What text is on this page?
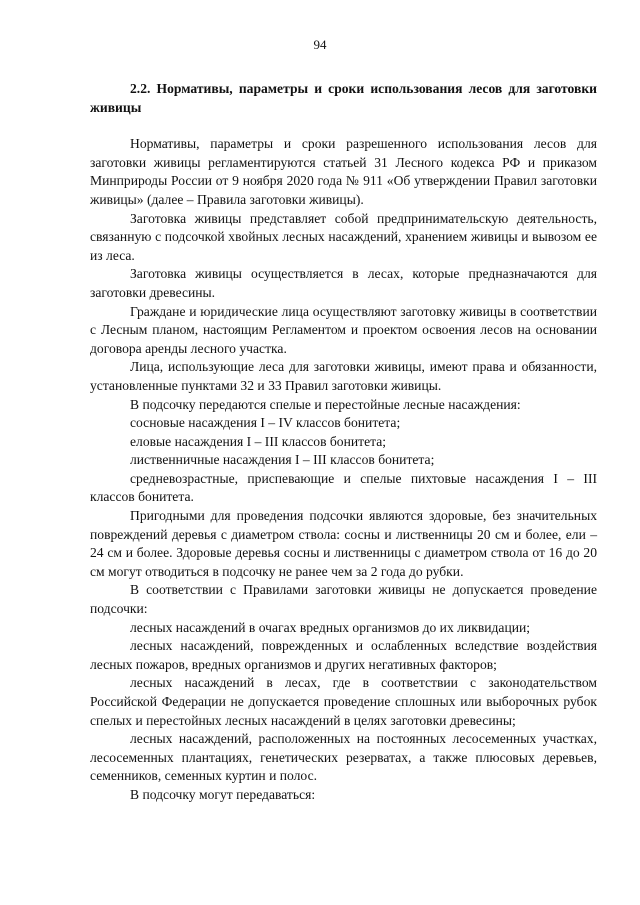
94

2.2. Нормативы, параметры и сроки использования лесов для заготовки живицы

Нормативы, параметры и сроки разрешенного использования лесов для заготовки живицы регламентируются статьей 31 Лесного кодекса РФ и приказом Минприроды России от 9 ноября 2020 года № 911 «Об утверждении Правил заготовки живицы» (далее – Правила заготовки живицы).

Заготовка живицы представляет собой предпринимательскую деятельность, связанную с подсочкой хвойных лесных насаждений, хранением живицы и вывозом ее из леса.

Заготовка живицы осуществляется в лесах, которые предназначаются для заготовки древесины.

Граждане и юридические лица осуществляют заготовку живицы в соответствии с Лесным планом, настоящим Регламентом и проектом освоения лесов на основании договора аренды лесного участка.

Лица, использующие леса для заготовки живицы, имеют права и обязанности, установленные пунктами 32 и 33 Правил заготовки живицы.

В подсочку передаются спелые и перестойные лесные насаждения:

сосновые насаждения I – IV классов бонитета;

еловые насаждения I – III классов бонитета;

лиственничные насаждения I – III классов бонитета;

средневозрастные, приспевающие и спелые пихтовые насаждения I – III классов бонитета.

Пригодными для проведения подсочки являются здоровые, без значительных повреждений деревья с диаметром ствола: сосны и лиственницы 20 см и более, ели – 24 см и более. Здоровые деревья сосны и лиственницы с диаметром ствола от 16 до 20 см могут отводиться в подсочку не ранее чем за 2 года до рубки.

В соответствии с Правилами заготовки живицы не допускается проведение подсочки:

лесных насаждений в очагах вредных организмов до их ликвидации;

лесных насаждений, поврежденных и ослабленных вследствие воздействия лесных пожаров, вредных организмов и других негативных факторов;

лесных насаждений в лесах, где в соответствии с законодательством Российской Федерации не допускается проведение сплошных или выборочных рубок спелых и перестойных лесных насаждений в целях заготовки древесины;

лесных насаждений, расположенных на постоянных лесосеменных участках, лесосеменных плантациях, генетических резерватах, а также плюсовых деревьев, семенников, семенных куртин и полос.

В подсочку могут передаваться:
